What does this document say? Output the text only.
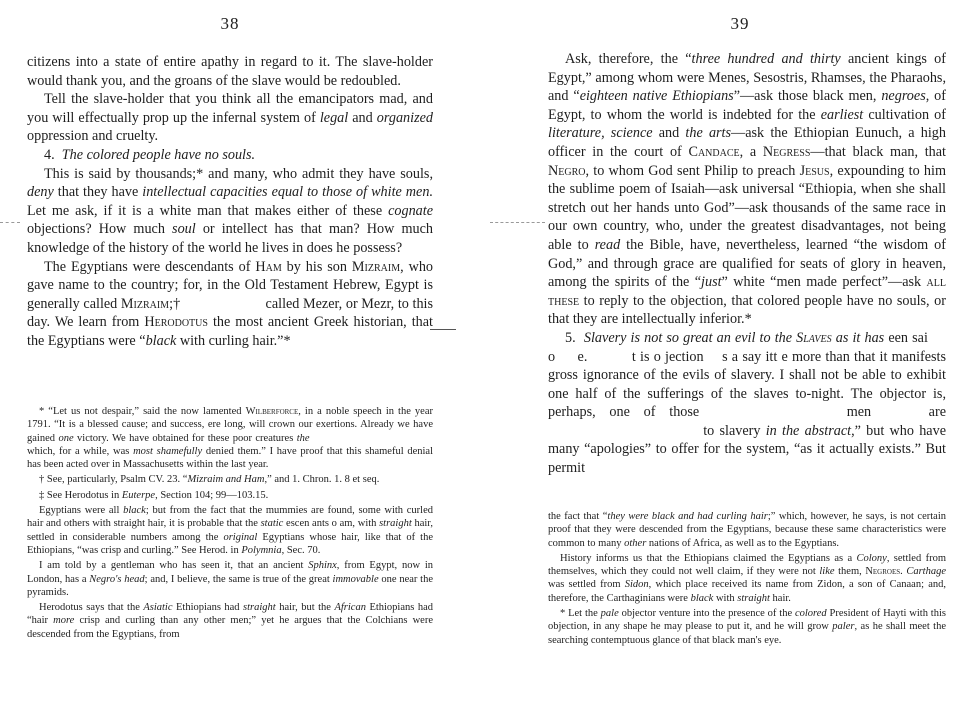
38

citizens into a state of entire apathy in regard to it. The slave-holder would thank you, and the groans of the slave would be redoubled.

Tell the slave-holder that you think all the emancipators mad, and you will effectually prop up the infernal system of legal and organized oppression and cruelty.

4.  The colored people have no souls.

This is said by thousands;* and many, who admit they have souls, deny that they have intellectual capacities equal to those of white men. Let me ask, if it is a white man that makes either of these cognate objections? How much soul or intellect has that man? How much knowledge of the history of the world he lives in does he possess?

The Egyptians were descendants of Ham by his son Mizraim, who gave name to the country; for, in the Old Testament Hebrew, Egypt is generally called Mizraim;†	called Mezer, or Mezr, to this day. We learn from Herodotus the most ancient Greek historian, that the Egyptians were “black with curling hair.”*

* “Let us not despair,” said the now lamented Wilberforce, in a noble speech in the year 1791. “It is a blessed cause; and success, ere long, will crown our exertions. Already we have gained one victory. We have obtained for these poor creatures the  which, for a while, was most shamefully denied them.” I have proof that this shameful denial has been acted over in Massachusetts within the last year.

† See, particularly, Psalm CV. 23. “Mizraim and Ham,” and 1. Chron. 1. 8 et seq.

‡ See Herodotus in Euterpe, Section 104; 99—103.15.

Egyptians were all black; but from the fact that the mummies are found, some with curled hair and others with straight hair, it is probable that the static escen ants o am, with straight hair, settled in considerable numbers among the original Egyptians whose hair, like that of the Ethiopians, “was crisp and curling.” See Herod. in Polymnia, Sec. 70.

I am told by a gentleman who has seen it, that an ancient Sphinx, from Egypt, now in London, has a Negro's head; and, I believe, the same is true of the great immovable one near the pyramids.

Herodotus says that the Asiatic Ethiopians had straight hair, but the African Ethiopians had “hair more crisp and curling than any other men;” yet he argues that the Colchians were descended from the Egyptians, from

39

Ask, therefore, the “three hundred and thirty ancient kings of Egypt,” among whom were Menes, Sesostris, Rhamses, the Pharaohs, and “eighteen native Ethiopians”—ask those black men, negroes, of Egypt, to whom the world is indebted for the earliest cultivation of literature, science and the arts—ask the Ethiopian Eunuch, a high officer in the court of Candace, a Negress—that black man, that Negro, to whom God sent Philip to preach Jesus, expounding to him the sublime poem of Isaiah—ask universal “Ethiopia, when she shall stretch out her hands unto God”—ask thousands of the same race in our own country, who, under the greatest disadvantages, not being able to read the Bible, have, nevertheless, learned “the wisdom of God,” and through grace are qualified for seats of glory in heaven, among the spirits of the “just” white “men made perfect”—ask all these to reply to the objection, that colored people have no souls, or that they are intellectually inferior.*

5.  Slavery is not so great an evil to the Slaves as it has een sai  o  e.	t is o jection  s a say itt e more than that it manifests gross ignorance of the evils of slavery. I shall not be able to exhibit one half of the sufferings of the slaves to-night. The objector is, perhaps, one of those	men  are  to slavery in the abstract,” but who have many “apologies” to offer for the system, “as it actually exists.” But permit

the fact that “they were black and had curling hair;” which, however, he says, is not certain proof that they were descended from the Egyptians, because these same characteristics were common to many other nations of Africa, as well as to the Egyptians.

History informs us that the Ethiopians claimed the Egyptians as a Colony, settled from themselves, which they could not well claim, if they were not like them, Negroes. Carthage was settled from Sidon, which place received its name from Zidon, a son of Canaan; and, therefore, the Carthaginians were black with straight hair.

* Let the pale objector venture into the presence of the colored President of Hayti with this objection, in any shape he may please to put it, and he will grow paler, as he shall meet the searching contemptuous glance of that black man's eye.
